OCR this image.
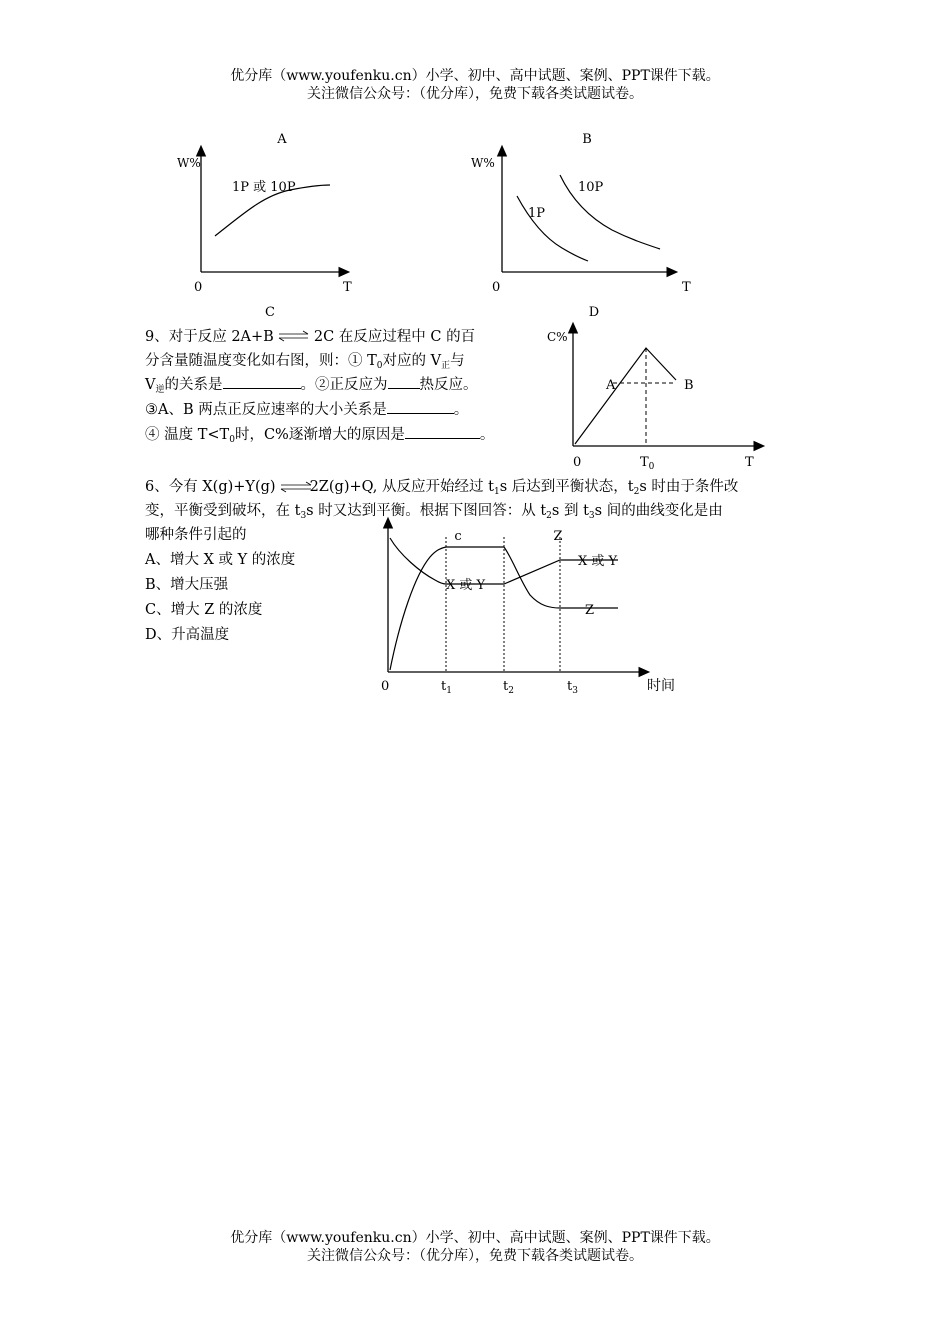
优分库（www.youfenku.cn）小学、初中、高中试题、案例、PPT课件下载。
关注微信公众号：（优分库），免费下载各类试题试卷。
A
W%
0	T
1P 或 10P
C
B
W%
0	T
1P
10P
D
C%
A	B
0	$T_0$	T
c	Z
X 或 Y
X 或 Y
Z
0	$t_1$	$t_2$	$t_3$	时间
9、对于反应 2A+B	2C 在反应过程中 C 的百
分含量随温度变化如右图，则：① $T_0$对应的 $V_正$与
$V_逆$的关系是	。②正反应为 热反应。
③A、B 两点正反应速率的大小关系是	。
④ 温度 $T<T_0$时，C%逐渐增大的原因是	。
6、今有 X(g)+Y(g) 2Z(g)+Q, 从反应开始经过 $t_1s$ 后达到平衡状态，$t_2s$ 时由于条件改
变，平衡受到破坏，在 $t_3s$ 时又达到平衡。根据下图回答：从 $t_2s$ 到 $t_3s$ 间的曲线变化是由
哪种条件引起的
A、增大 X 或 Y 的浓度
B、增大压强
C、增大 Z 的浓度
D、升高温度
优分库（www.youfenku.cn）小学、初中、高中试题、案例、PPT课件下载。
关注微信公众号：（优分库），免费下载各类试题试卷。
